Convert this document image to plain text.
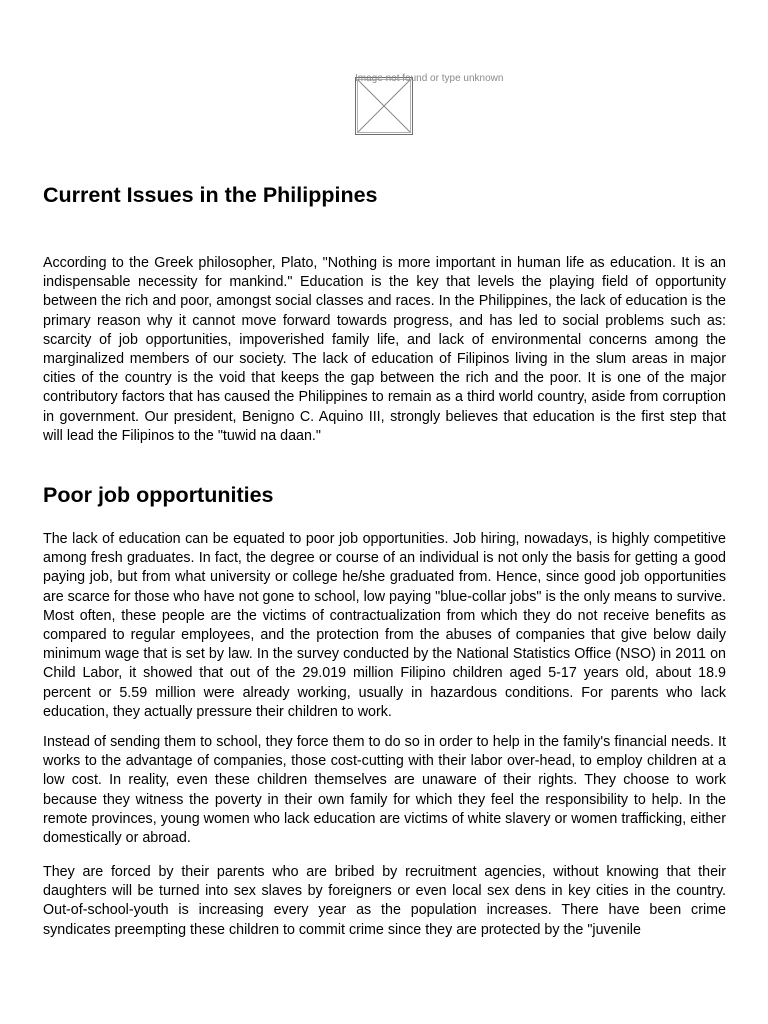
Image not found or type unknown
Current Issues in the Philippines

According to the Greek philosopher, Plato, "Nothing is more important in human life as education. It is an indispensable necessity for mankind." Education is the key that levels the playing field of opportunity between the rich and poor, amongst social classes and races. In the Philippines, the lack of education is the primary reason why it cannot move forward towards progress, and has led to social problems such as: scarcity of job opportunities, impoverished family life, and lack of environmental concerns among the marginalized members of our society. The lack of education of Filipinos living in the slum areas in major cities of the country is the void that keeps the gap between the rich and the poor. It is one of the major contributory factors that has caused the Philippines to remain as a third world country, aside from corruption in government. Our president, Benigno C. Aquino III, strongly believes that education is the first step that will lead the Filipinos to the "tuwid na daan."

Poor job opportunities

The lack of education can be equated to poor job opportunities. Job hiring, nowadays, is highly competitive among fresh graduates. In fact, the degree or course of an individual is not only the basis for getting a good paying job, but from what university or college he/she graduated from. Hence, since good job opportunities are scarce for those who have not gone to school, low paying "blue-collar jobs" is the only means to survive. Most often, these people are the victims of contractualization from which they do not receive benefits as compared to regular employees, and the protection from the abuses of companies that give below daily minimum wage that is set by law. In the survey conducted by the National Statistics Office (NSO) in 2011 on Child Labor, it showed that out of the 29.019 million Filipino children aged 5-17 years old, about 18.9 percent or 5.59 million were already working, usually in hazardous conditions. For parents who lack education, they actually pressure their children to work.

Instead of sending them to school, they force them to do so in order to help in the family's financial needs. It works to the advantage of companies, those cost-cutting with their labor over-head, to employ children at a low cost. In reality, even these children themselves are unaware of their rights. They choose to work because they witness the poverty in their own family for which they feel the responsibility to help. In the remote provinces, young women who lack education are victims of white slavery or women trafficking, either domestically or abroad.

They are forced by their parents who are bribed by recruitment agencies, without knowing that their daughters will be turned into sex slaves by foreigners or even local sex dens in key cities in the country. Out-of-school-youth is increasing every year as the population increases. There have been crime syndicates preempting these children to commit crime since they are protected by the "juvenile
